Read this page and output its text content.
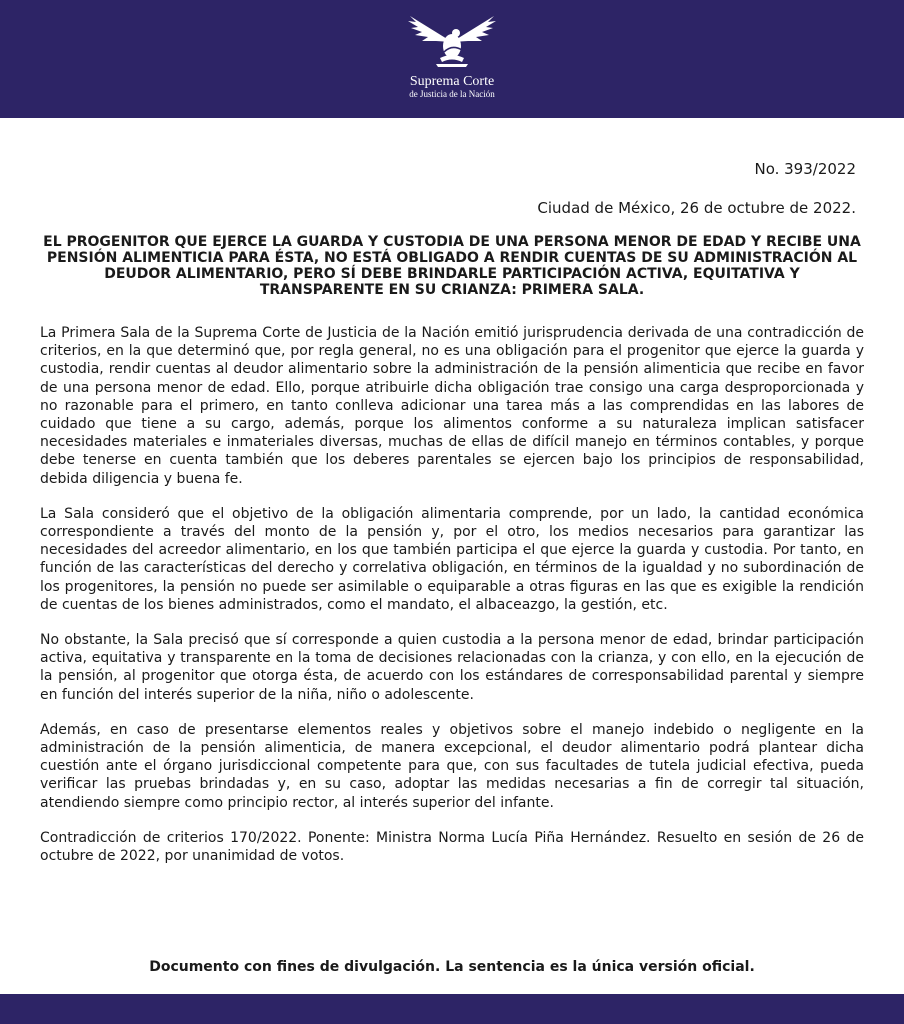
Suprema Corte
de Justicia de la Nación
No. 393/2022
Ciudad de México, 26 de octubre de 2022.
EL PROGENITOR QUE EJERCE LA GUARDA Y CUSTODIA DE UNA PERSONA MENOR DE EDAD Y RECIBE UNA PENSIÓN ALIMENTICIA PARA ÉSTA, NO ESTÁ OBLIGADO A RENDIR CUENTAS DE SU ADMINISTRACIÓN AL DEUDOR ALIMENTARIO, PERO SÍ DEBE BRINDARLE PARTICIPACIÓN ACTIVA, EQUITATIVA Y TRANSPARENTE EN SU CRIANZA: PRIMERA SALA.

La Primera Sala de la Suprema Corte de Justicia de la Nación emitió jurisprudencia derivada de una contradicción de criterios, en la que determinó que, por regla general, no es una obligación para el progenitor que ejerce la guarda y custodia, rendir cuentas al deudor alimentario sobre la administración de la pensión alimenticia que recibe en favor de una persona menor de edad. Ello, porque atribuirle dicha obligación trae consigo una carga desproporcionada y no razonable para el primero, en tanto conlleva adicionar una tarea más a las comprendidas en las labores de cuidado que tiene a su cargo, además, porque los alimentos conforme a su naturaleza implican satisfacer necesidades materiales e inmateriales diversas, muchas de ellas de difícil manejo en términos contables, y porque debe tenerse en cuenta también que los deberes parentales se ejercen bajo los principios de responsabilidad, debida diligencia y buena fe.

La Sala consideró que el objetivo de la obligación alimentaria comprende, por un lado, la cantidad económica correspondiente a través del monto de la pensión y, por el otro, los medios necesarios para garantizar las necesidades del acreedor alimentario, en los que también participa el que ejerce la guarda y custodia. Por tanto, en función de las características del derecho y correlativa obligación, en términos de la igualdad y no subordinación de los progenitores, la pensión no puede ser asimilable o equiparable a otras figuras en las que es exigible la rendición de cuentas de los bienes administrados, como el mandato, el albaceazgo, la gestión, etc.

No obstante, la Sala precisó que sí corresponde a quien custodia a la persona menor de edad, brindar participación activa, equitativa y transparente en la toma de decisiones relacionadas con la crianza, y con ello, en la ejecución de la pensión, al progenitor que otorga ésta, de acuerdo con los estándares de corresponsabilidad parental y siempre en función del interés superior de la niña, niño o adolescente.

Además, en caso de presentarse elementos reales y objetivos sobre el manejo indebido o negligente en la administración de la pensión alimenticia, de manera excepcional, el deudor alimentario podrá plantear dicha cuestión ante el órgano jurisdiccional competente para que, con sus facultades de tutela judicial efectiva, pueda verificar las pruebas brindadas y, en su caso, adoptar las medidas necesarias a fin de corregir tal situación, atendiendo siempre como principio rector, al interés superior del infante.

Contradicción de criterios 170/2022. Ponente: Ministra Norma Lucía Piña Hernández. Resuelto en sesión de 26 de octubre de 2022, por unanimidad de votos.

Documento con fines de divulgación. La sentencia es la única versión oficial.
